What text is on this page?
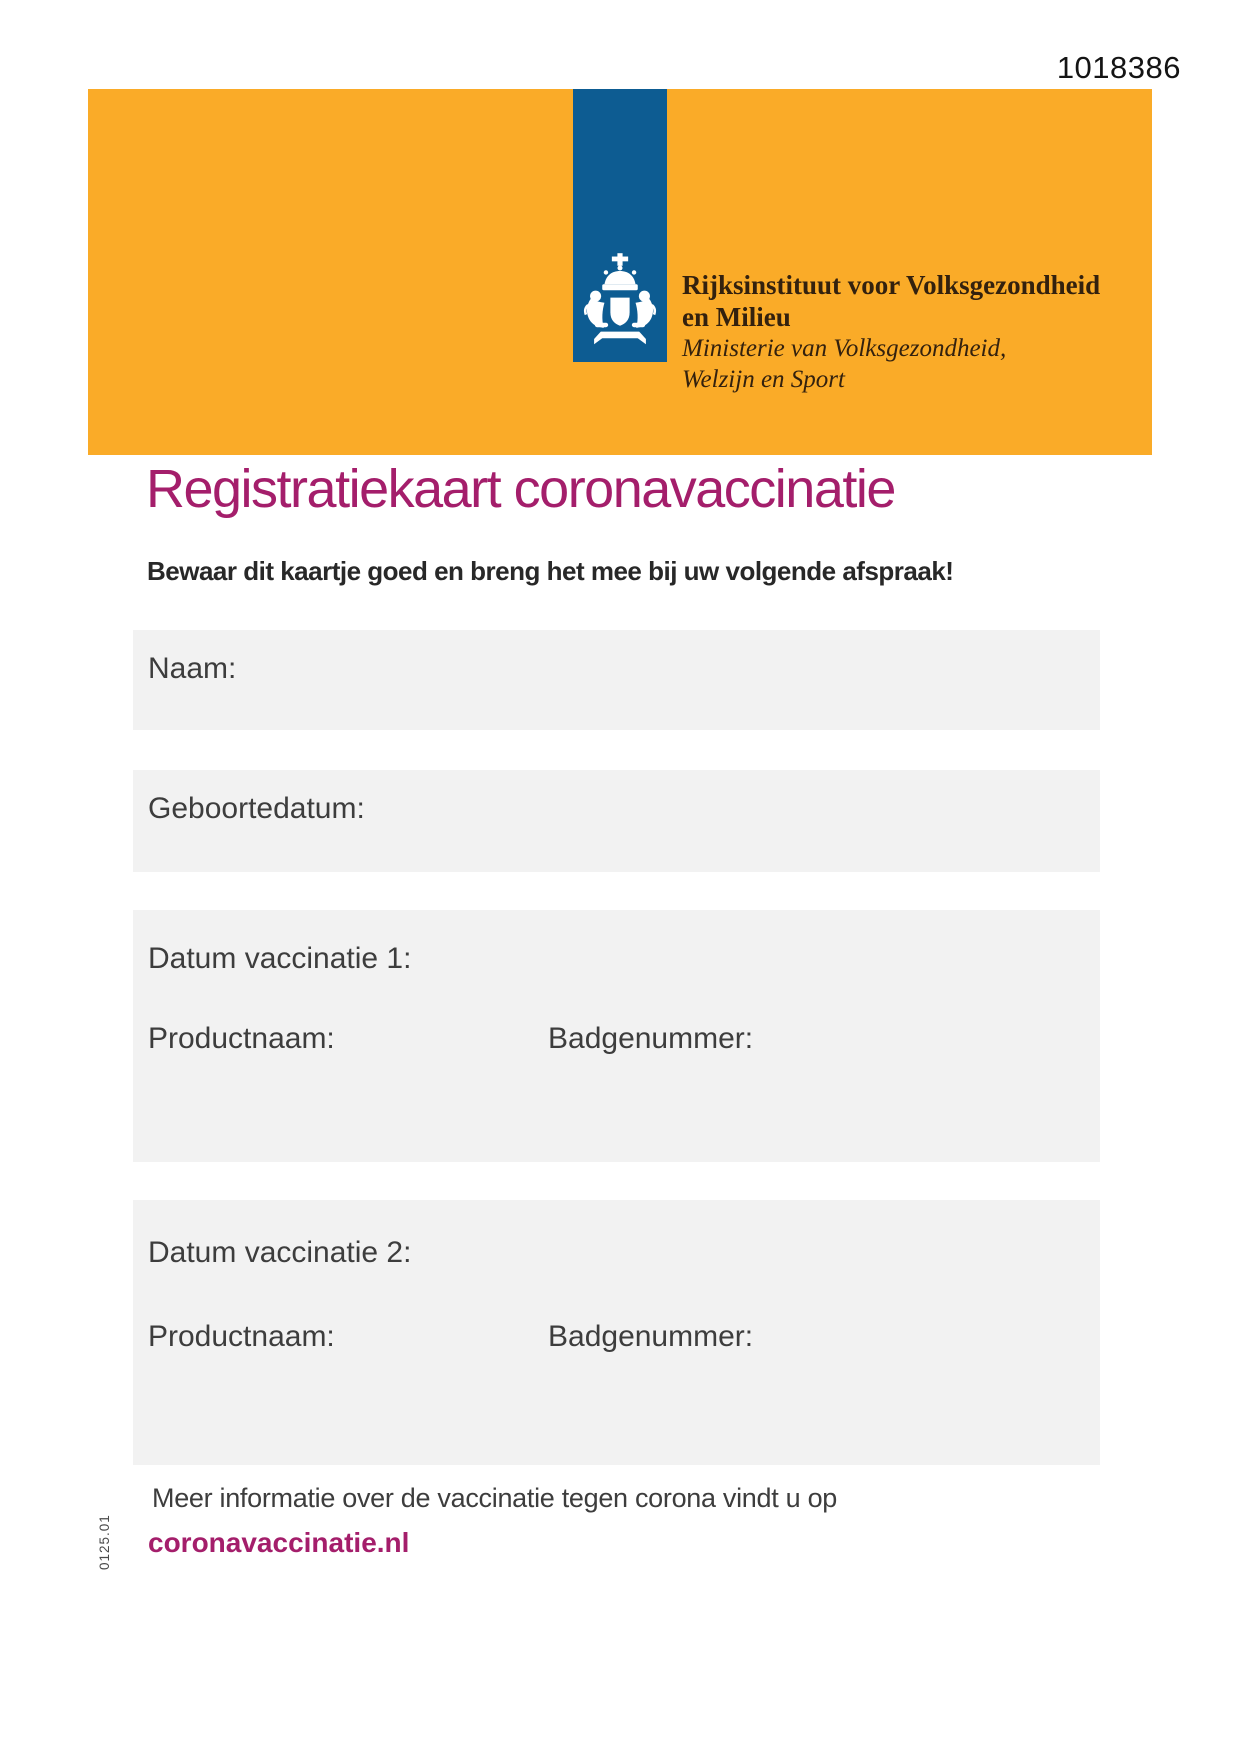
1018386
Rijksinstituut voor Volksgezondheid
en Milieu
Ministerie van Volksgezondheid,
Welzijn en Sport
Registratiekaart coronavaccinatie
Bewaar dit kaartje goed en breng het mee bij uw volgende afspraak!
Naam:
Geboortedatum:
Datum vaccinatie 1:
Productnaam:	Badgenummer:
Datum vaccinatie 2:
Productnaam:	Badgenummer:
Meer informatie over de vaccinatie tegen corona vindt u op
coronavaccinatie.nl
0125.01
